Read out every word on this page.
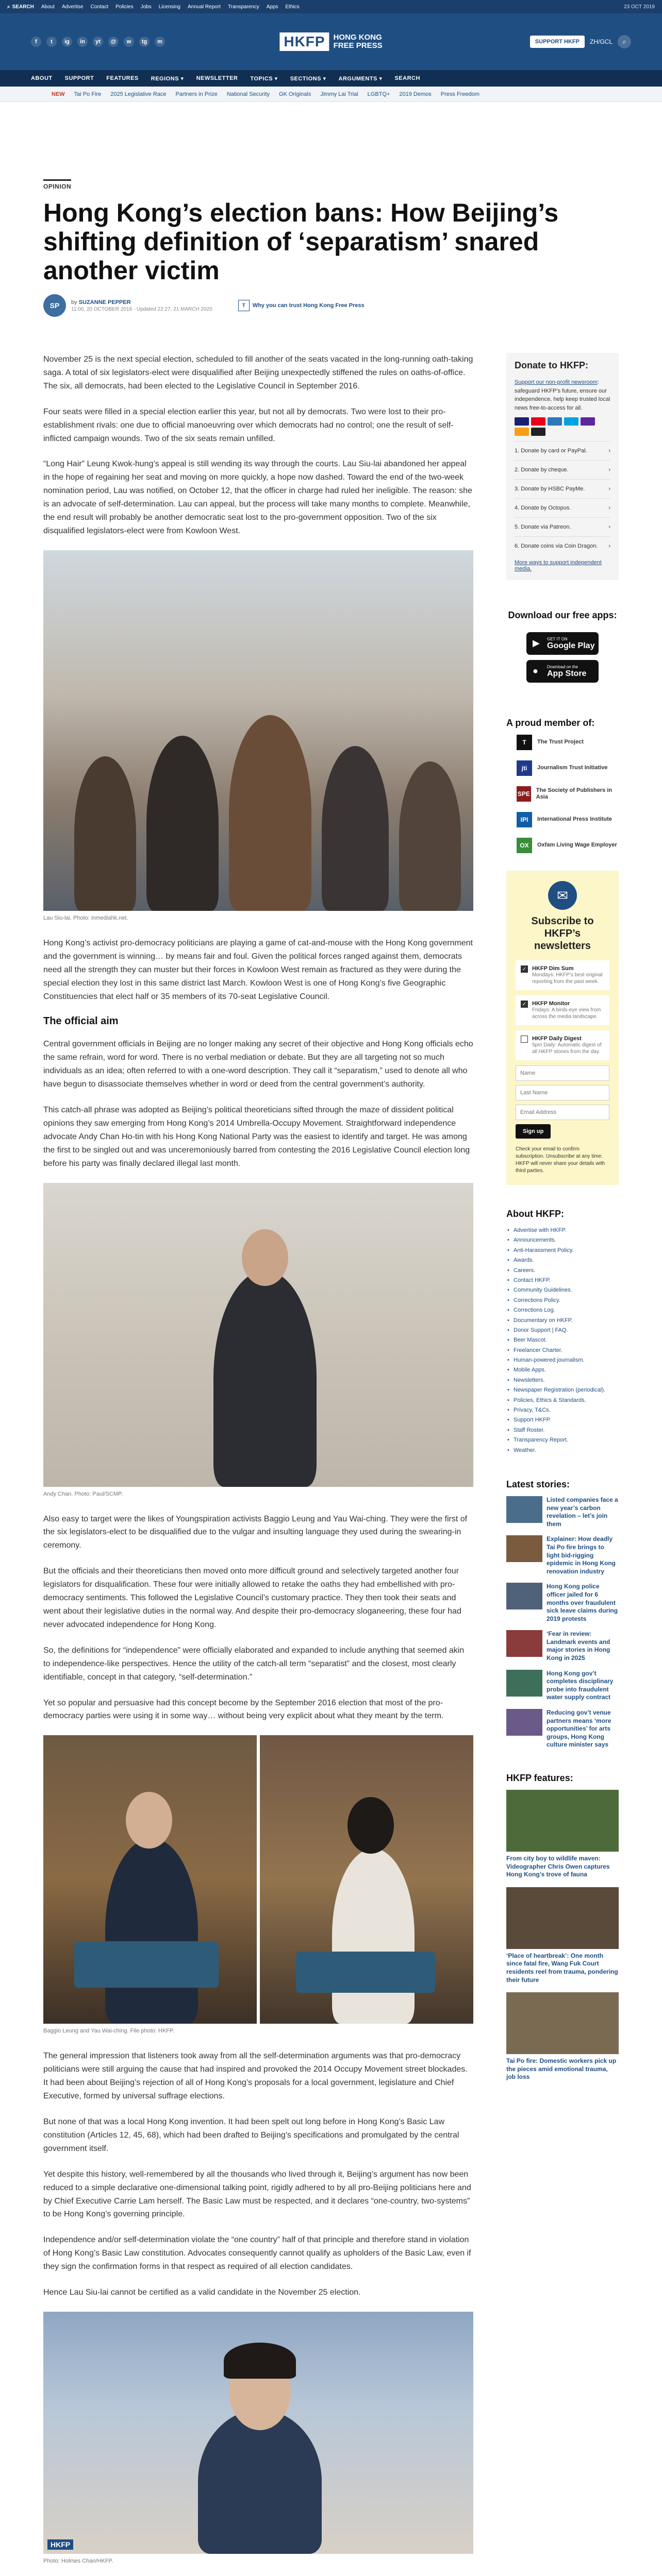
⌕ SEARCH About Advertise Contact Policies Jobs Licensing Annual Report Transparency Apps Ethics	23 OCT 2019
f	t	ig	in	yt	@	w	tg	m	HKFP	HONG KONG
FREE PRESS	SUPPORT HKFP	ZH/GCL	⌕
ABOUT SUPPORT FEATURES REGIONS ▾ NEWSLETTER TOPICS ▾ SECTIONS ▾ ARGUMENTS ▾ SEARCH
NEW Tai Po Fire 2025 Legislative Race Partners in Prize National Security GK Originals Jimmy Lai Trial LGBTQ+ 2019 Demos Press Freedom
OPINION
Hong Kong’s election bans: How Beijing’s shifting definition of ‘separatism’ snared another victim
SP	by SUZANNE PEPPER
11:00, 20 OCTOBER 2018 · Updated 22:27, 21 MARCH 2020
T	Why you can trust Hong Kong Free Press

November 25 is the next special election, scheduled to fill another of the seats vacated in the long-running oath-taking saga. A total of six legislators-elect were disqualified after Beijing unexpectedly stiffened the rules on oaths-of-office. The six, all democrats, had been elected to the Legislative Council in September 2016.

Four seats were filled in a special election earlier this year, but not all by democrats. Two were lost to their pro-establishment rivals: one due to official manoeuvring over which democrats had no control; one the result of self-inflicted campaign wounds. Two of the six seats remain unfilled.

“Long Hair” Leung Kwok-hung’s appeal is still wending its way through the courts. Lau Siu-lai abandoned her appeal in the hope of regaining her seat and moving on more quickly, a hope now dashed. Toward the end of the two-week nomination period, Lau was notified, on October 12, that the officer in charge had ruled her ineligible. The reason: she is an advocate of self-determination. Lau can appeal, but the process will take many months to complete. Meanwhile, the end result will probably be another democratic seat lost to the pro-government opposition. Two of the six disqualified legislators-elect were from Kowloon West.

Lau Siu-lai. Photo: inmediahk.net.

Hong Kong’s activist pro-democracy politicians are playing a game of cat-and-mouse with the Hong Kong government and the government is winning… by means fair and foul. Given the political forces ranged against them, democrats need all the strength they can muster but their forces in Kowloon West remain as fractured as they were during the special election they lost in this same district last March. Kowloon West is one of Hong Kong’s five Geographic Constituencies that elect half or 35 members of its 70-seat Legislative Council.

The official aim

Central government officials in Beijing are no longer making any secret of their objective and Hong Kong officials echo the same refrain, word for word. There is no verbal mediation or debate. But they are all targeting not so much individuals as an idea; often referred to with a one-word description. They call it “separatism,” used to denote all who have begun to disassociate themselves whether in word or deed from the central government’s authority.

This catch-all phrase was adopted as Beijing’s political theoreticians sifted through the maze of dissident political opinions they saw emerging from Hong Kong’s 2014 Umbrella-Occupy Movement. Straightforward independence advocate Andy Chan Ho-tin with his Hong Kong National Party was the easiest to identify and target. He was among the first to be singled out and was unceremoniously barred from contesting the 2016 Legislative Council election long before his party was finally declared illegal last month.

Andy Chan. Photo: Paul/SCMP.

Also easy to target were the likes of Youngspiration activists Baggio Leung and Yau Wai-ching. They were the first of the six legislators-elect to be disqualified due to the vulgar and insulting language they used during the swearing-in ceremony.

But the officials and their theoreticians then moved onto more difficult ground and selectively targeted another four legislators for disqualification. These four were initially allowed to retake the oaths they had embellished with pro-democracy sentiments. This followed the Legislative Council’s customary practice. They then took their seats and went about their legislative duties in the normal way. And despite their pro-democracy sloganeering, these four had never advocated independence for Hong Kong.

So, the definitions for “independence” were officially elaborated and expanded to include anything that seemed akin to independence-like perspectives. Hence the utility of the catch-all term “separatist” and the closest, most clearly identifiable, concept in that category, “self-determination.”

Yet so popular and persuasive had this concept become by the September 2016 election that most of the pro-democracy parties were using it in some way… without being very explicit about what they meant by the term.

Baggio Leung and Yau Wai-ching. File photo: HKFP.

The general impression that listeners took away from all the self-determination arguments was that pro-democracy politicians were still arguing the cause that had inspired and provoked the 2014 Occupy Movement street blockades. It had been about Beijing’s rejection of all of Hong Kong’s proposals for a local government, legislature and Chief Executive, formed by universal suffrage elections.

But none of that was a local Hong Kong invention. It had been spelt out long before in Hong Kong’s Basic Law constitution (Articles 12, 45, 68), which had been drafted to Beijing’s specifications and promulgated by the central government itself.

Yet despite this history, well-remembered by all the thousands who lived through it, Beijing’s argument has now been reduced to a simple declarative one-dimensional talking point, rigidly adhered to by all pro-Beijing politicians here and by Chief Executive Carrie Lam herself. The Basic Law must be respected, and it declares “one-country, two-systems” to be Hong Kong’s governing principle.

Independence and/or self-determination violate the “one country” half of that principle and therefore stand in violation of Hong Kong’s Basic Law constitution. Advocates consequently cannot qualify as upholders of the Basic Law, even if they sign the confirmation forms in that respect as required of all election candidates.

Hence Lau Siu-lai cannot be certified as a valid candidate in the November 25 election.

HKFP
Photo: Holmes Chan/HKFP.

Donate to HKFP:
Support our non-profit newsroom: safeguard HKFP’s future, ensure our independence, help keep trusted local news free-to-access for all.
1. Donate by card or PayPal.	›
2. Donate by cheque.	›
3. Donate by HSBC PayMe.	›
4. Donate by Octopus.	›
5. Donate via Patreon.	›
6. Donate coins via Coin Dragon. ›
More ways to support independent media.
Download our free apps:
▶ GET IT ON
Google Play
● Download on the
App Store
A proud member of:
T	The Trust Project
jti	Journalism Trust Initiative
SPE
The Society of Publishers in Asia
IPI	International Press Institute
OX	Oxfam Living Wage Employer
✉
Subscribe to HKFP’s newsletters
✓ HKFP Dim Sum
Mondays: HKFP’s best original reporting from the past week.
✓ HKFP Monitor
Fridays: A birds-eye view from across the media landscape.
HKFP Daily Digest
5pm Daily: Automatic digest of all HKFP stories from the day.
Name Last Name Email Address Sign up
Check your email to confirm subscription. Unsubscribe at any time. HKFP will never share your details with third parties.
About HKFP:
• Advertise with HKFP.
• Announcements.
• Anti-Harassment Policy.
• Awards.
• Careers.
• Contact HKFP.
• Community Guidelines.
• Corrections Policy.
• Corrections Log.
• Documentary on HKFP.
• Donor Support | FAQ.
• Beer Mascot.
• Freelancer Charter.
• Human-powered journalism.
• Mobile Apps.
• Newsletters.
• Newspaper Registration (periodical).
• Policies, Ethics & Standards.
• Privacy, T&Cs.
• Support HKFP.
• Staff Roster.
• Transparency Report.
• Weather.
Latest stories:
Listed companies face a new year’s carbon revelation – let’s join them
Explainer: How deadly Tai Po fire brings to light bid-rigging epidemic in Hong Kong renovation industry
Hong Kong police officer jailed for 6 months over fraudulent sick leave claims during 2019 protests
‘Fear in review: Landmark events and major stories in Hong Kong in 2025
Hong Kong gov’t completes disciplinary probe into fraudulent water supply contract
Reducing gov’t venue partners means ‘more opportunities’ for arts groups, Hong Kong culture minister says
HKFP features:
From city boy to wildlife maven: Videographer Chris Owen captures Hong Kong’s trove of fauna
‘Place of heartbreak’: One month since fatal fire, Wang Fuk Court residents reel from trauma, pondering their future
Tai Po fire: Domestic workers pick up the pieces amid emotional trauma, job loss
